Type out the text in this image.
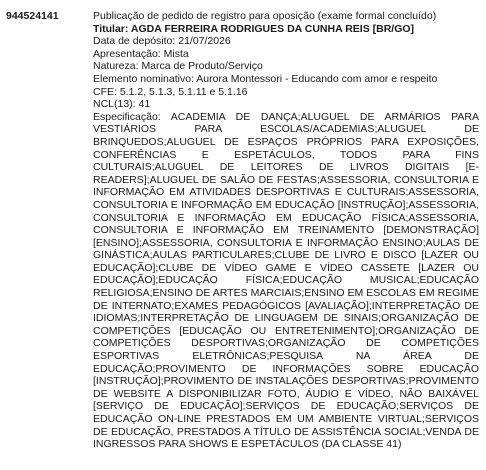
944524141	Publicação de pedido de registro para oposição (exame formal concluído)

Titular: AGDA FERREIRA RODRIGUES DA CUNHA REIS [BR/GO]

Data de depósito: 21/07/2026

Apresentação: Mista

Natureza: Marca de Produto/Serviço

Elemento nominativo: Aurora Montessori - Educando com amor e respeito

CFE: 5.1.2, 5.1.3, 5.1.11 e 5.1.16

NCL(13): 41

Especificação: ACADEMIA DE DANÇA;ALUGUEL DE ARMÁRIOS PARA VESTIÁRIOS PARA ESCOLAS/ACADEMIAS;ALUGUEL DE BRINQUEDOS;ALUGUEL DE ESPAÇOS PRÓPRIOS PARA EXPOSIÇÕES, CONFERÊNCIAS E ESPETÁCULOS, TODOS PARA FINS CULTURAIS;ALUGUEL DE LEITORES DE LIVROS DIGITAIS [E-READERS];ALUGUEL DE SALÃO DE FESTAS;ASSESSORIA, CONSULTORIA E INFORMAÇÃO EM ATIVIDADES DESPORTIVAS E CULTURAIS;ASSESSORIA, CONSULTORIA E INFORMAÇÃO EM EDUCAÇÃO [INSTRUÇÃO];ASSESSORIA, CONSULTORIA E INFORMAÇÃO EM EDUCAÇÃO FÍSICA;ASSESSORIA, CONSULTORIA E INFORMAÇÃO EM TREINAMENTO [DEMONSTRAÇÃO][ENSINO];ASSESSORIA, CONSULTORIA E INFORMAÇÃO ENSINO;AULAS DE GINÁSTICA;AULAS PARTICULARES;CLUBE DE LIVRO E DISCO [LAZER OU EDUCAÇÃO];CLUBE DE VÍDEO GAME E VÍDEO CASSETE [LAZER OU EDUCAÇÃO];EDUCAÇÃO FÍSICA;EDUCAÇÃO MUSICAL;EDUCAÇÃO RELIGIOSA;ENSINO DE ARTES MARCIAIS;ENSINO EM ESCOLAS EM REGIME DE INTERNATO;EXAMES PEDAGÓGICOS [AVALIAÇÃO];INTERPRETAÇÃO DE IDIOMAS;INTERPRETAÇÃO DE LINGUAGEM DE SINAIS;ORGANIZAÇÃO DE COMPETIÇÕES [EDUCAÇÃO OU ENTRETENIMENTO];ORGANIZAÇÃO DE COMPETIÇÕES DESPORTIVAS;ORGANIZAÇÃO DE COMPETIÇÕES ESPORTIVAS ELETRÔNICAS;PESQUISA NA ÁREA DE EDUCAÇÃO;PROVIMENTO DE INFORMAÇÕES SOBRE EDUCAÇÃO [INSTRUÇÃO];PROVIMENTO DE INSTALAÇÕES DESPORTIVAS;PROVIMENTO DE WEBSITE A DISPONIBILIZAR FOTO, ÁUDIO E VÍDEO, NÃO BAIXÁVEL [SERVIÇO DE EDUCAÇÃO];SERVIÇOS DE EDUCAÇÃO;SERVIÇOS DE EDUCAÇÃO ON-LINE PRESTADOS EM UM AMBIENTE VIRTUAL;SERVIÇOS DE EDUCAÇÃO, PRESTADOS A TÍTULO DE ASSISTÊNCIA SOCIAL;VENDA DE INGRESSOS PARA SHOWS E ESPETÁCULOS (DA CLASSE 41)
